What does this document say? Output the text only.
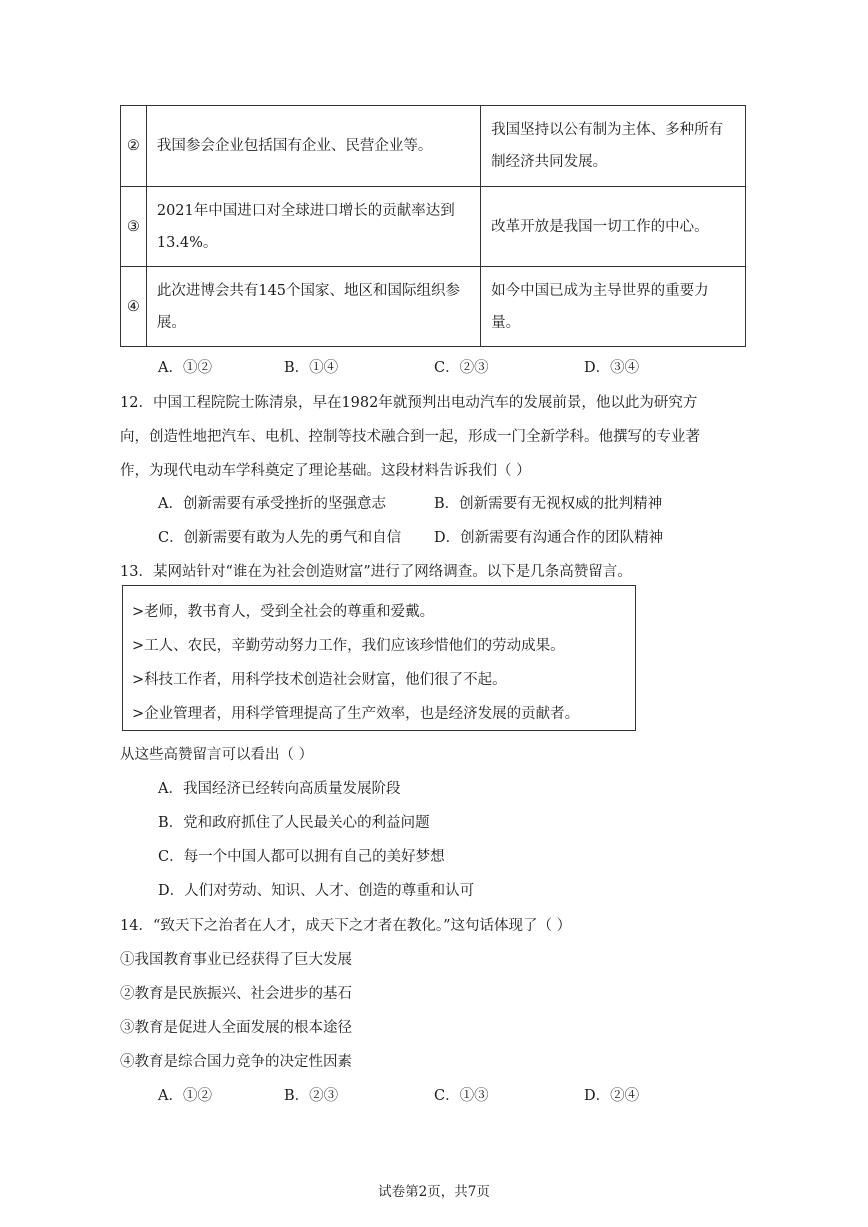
②	我国参会企业包括国有企业、民营企业等。	我国坚持以公有制为主体、多种所有制经济共同发展。
③	2021年中国进口对全球进口增长的贡献率达到13.4%。	改革开放是我国一切工作的中心。
④	此次进博会共有145个国家、地区和国际组织参展。	如今中国已成为主导世界的重要力量。
A．①②	B．①④	C．②③	D．③④
12．中国工程院院士陈清泉，早在1982年就预判出电动汽车的发展前景，他以此为研究方
向，创造性地把汽车、电机、控制等技术融合到一起，形成一门全新学科。他撰写的专业著
作，为现代电动车学科奠定了理论基础。这段材料告诉我们（ ）
A．创新需要有承受挫折的坚强意志	B．创新需要有无视权威的批判精神
C．创新需要有敢为人先的勇气和自信 D．创新需要有沟通合作的团队精神
13．某网站针对“谁在为社会创造财富”进行了网络调查。以下是几条高赞留言。
>老师，教书育人，受到全社会的尊重和爱戴。
>工人、农民，辛勤劳动努力工作，我们应该珍惜他们的劳动成果。
>科技工作者，用科学技术创造社会财富，他们很了不起。
>企业管理者，用科学管理提高了生产效率，也是经济发展的贡献者。
从这些高赞留言可以看出（ ）
A．我国经济已经转向高质量发展阶段
B．党和政府抓住了人民最关心的利益问题
C．每一个中国人都可以拥有自己的美好梦想
D．人们对劳动、知识、人才、创造的尊重和认可
14．“致天下之治者在人才，成天下之才者在教化。”这句话体现了（ ）
①我国教育事业已经获得了巨大发展
②教育是民族振兴、社会进步的基石
③教育是促进人全面发展的根本途径
④教育是综合国力竞争的决定性因素
A．①②	B．②③	C．①③	D．②④
试卷第2页，共7页
